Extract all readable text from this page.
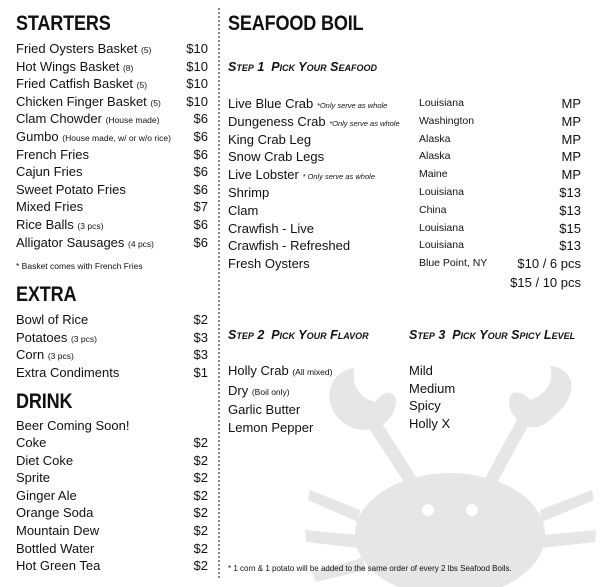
STARTERS
Fried Oysters Basket (5)	$10
Hot Wings Basket (8)	$10
Fried Catfish Basket (5)	$10
Chicken Finger Basket (5) $10
Clam Chowder (House made)	$6
Gumbo (House made, w/ or w/o rice) $6
French Fries	$6
Cajun Fries	$6
Sweet Potato Fries	$6
Mixed Fries	$7
Rice Balls (3 pcs)	$6
Alligator Sausages (4 pcs)	$6
* Basket comes with French Fries
EXTRA
Bowl of Rice	$2
Potatoes (3 pcs)	$3
Corn (3 pcs)	$3
Extra Condiments	$1
DRINK
Beer Coming Soon!
Coke	$2
Diet Coke	$2
Sprite	$2
Ginger Ale	$2
Orange Soda	$2
Mountain Dew	$2
Bottled Water	$2
Hot Green Tea	$2
SEAFOOD BOIL
Step 1 Pick Your Seafood
Live Blue Crab *Only serve as whole	Louisiana	MP
Dungeness Crab *Only serve as whole Washington	MP
King Crab Leg	Alaska	MP
Snow Crab Legs	Alaska	MP
Live Lobster * Only serve as whole	Maine	MP
Shrimp	Louisiana	$13
Clam	China	$13
Crawfish - Live	Louisiana	$15
Crawfish - Refreshed	Louisiana	$13
Fresh Oysters	Blue Point, NY $10 / 6 pcs
$15 / 10 pcs
Step 2 Pick Your Flavor	Step 3 Pick Your Spicy Level
Holly Crab (All mixed)
Dry (Boil only)
Garlic Butter
Lemon Pepper
Mild
Medium
Spicy
Holly X
* 1 corn & 1 potato will be added to the same order of every 2 lbs Seafood Boils.
